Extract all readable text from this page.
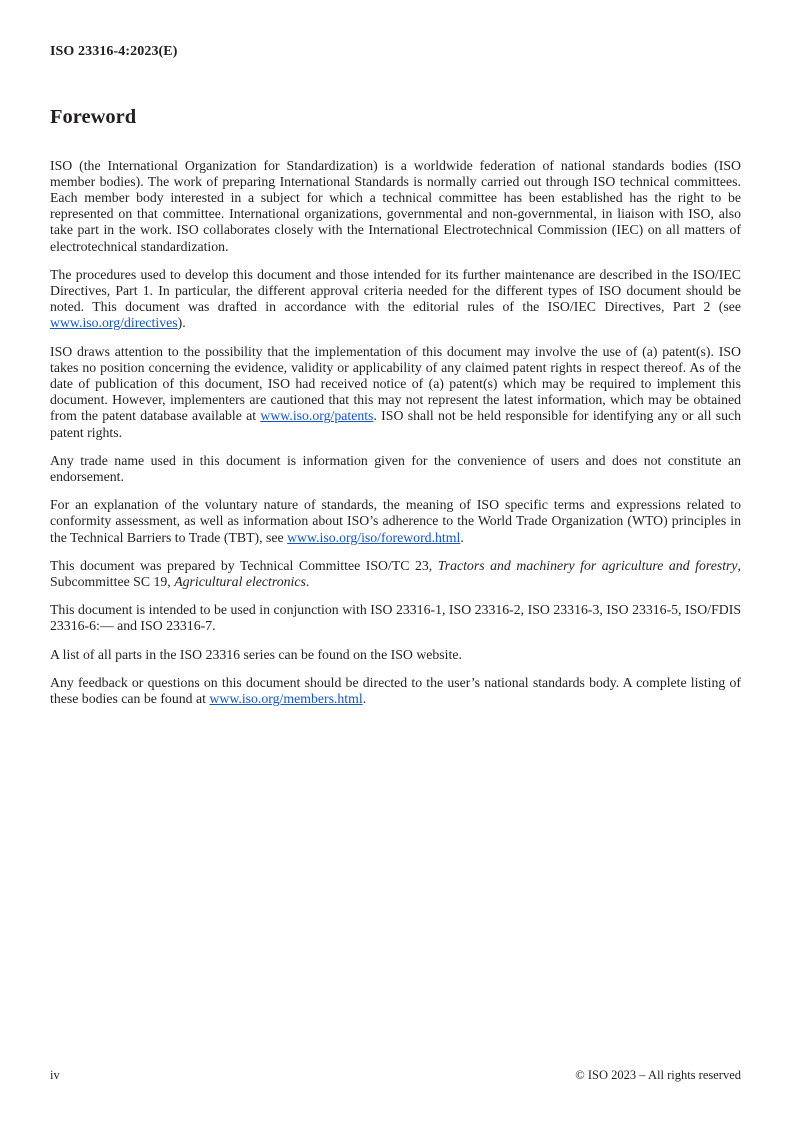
ISO 23316-4:2023(E)
Foreword

ISO (the International Organization for Standardization) is a worldwide federation of national standards bodies (ISO member bodies). The work of preparing International Standards is normally carried out through ISO technical committees. Each member body interested in a subject for which a technical committee has been established has the right to be represented on that committee. International organizations, governmental and non-governmental, in liaison with ISO, also take part in the work. ISO collaborates closely with the International Electrotechnical Commission (IEC) on all matters of electrotechnical standardization.

The procedures used to develop this document and those intended for its further maintenance are described in the ISO/IEC Directives, Part 1. In particular, the different approval criteria needed for the different types of ISO document should be noted. This document was drafted in accordance with the editorial rules of the ISO/IEC Directives, Part 2 (see www.iso.org/directives).

ISO draws attention to the possibility that the implementation of this document may involve the use of (a) patent(s). ISO takes no position concerning the evidence, validity or applicability of any claimed patent rights in respect thereof. As of the date of publication of this document, ISO had received notice of (a) patent(s) which may be required to implement this document. However, implementers are cautioned that this may not represent the latest information, which may be obtained from the patent database available at www.iso.org/patents. ISO shall not be held responsible for identifying any or all such patent rights.

Any trade name used in this document is information given for the convenience of users and does not constitute an endorsement.

For an explanation of the voluntary nature of standards, the meaning of ISO specific terms and expressions related to conformity assessment, as well as information about ISO’s adherence to the World Trade Organization (WTO) principles in the Technical Barriers to Trade (TBT), see www.iso.org/iso/foreword.html.

This document was prepared by Technical Committee ISO/TC 23, Tractors and machinery for agriculture and forestry, Subcommittee SC 19, Agricultural electronics.

This document is intended to be used in conjunction with ISO 23316-1, ISO 23316-2, ISO 23316-3, ISO 23316-5, ISO/FDIS 23316-6:— and ISO 23316-7.

A list of all parts in the ISO 23316 series can be found on the ISO website.

Any feedback or questions on this document should be directed to the user’s national standards body. A complete listing of these bodies can be found at www.iso.org/members.html.

iv	© ISO 2023 – All rights reserved
